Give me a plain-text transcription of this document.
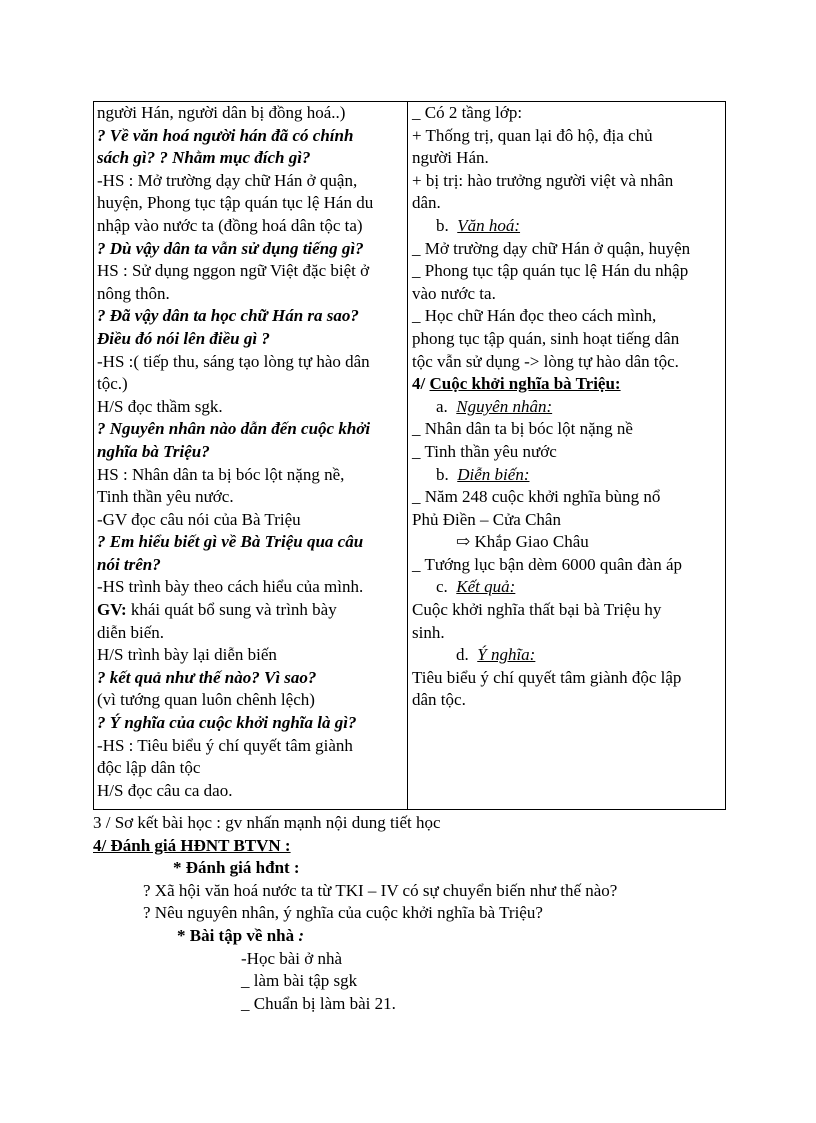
người Hán, người dân bị đồng hoá..)
? Về văn hoá người hán đã có chính
sách gì? ? Nhằm mục đích gì?
-HS : Mở trường dạy chữ Hán ở quận,
huyện, Phong tục tập quán tục lệ Hán du
nhập vào nước ta (đồng hoá dân tộc ta)
? Dù vậy dân ta vẫn sử dụng tiếng gì?
HS : Sử dụng nggon ngữ Việt đặc biệt ở
nông thôn.
? Đã vậy dân ta học chữ Hán ra sao?
Điều đó nói lên điều gì ?
-HS :( tiếp thu, sáng tạo lòng tự hào dân
tộc.)
H/S đọc thầm sgk.
? Nguyên nhân nào dẫn đến cuộc khởi
nghĩa bà Triệu?
HS : Nhân dân ta bị bóc lột nặng nề,
Tinh thần yêu nước.
-GV đọc câu nói của Bà Triệu
? Em hiểu biết gì về Bà Triệu qua câu
nói trên?
-HS trình bày theo cách hiểu của mình.
GV: khái quát bổ sung và trình bày
diễn biến.
H/S trình bày lại diễn biến
? kết quả như thế nào? Vì sao?
(vì tướng quan luôn chênh lệch)
? Ý nghĩa của cuộc khởi nghĩa là gì?
-HS : Tiêu biểu ý chí quyết tâm giành
độc lập dân tộc
H/S đọc câu ca dao.
_ Có 2 tầng lớp:
+ Thống trị, quan lại đô hộ, địa chủ
người Hán.
+ bị trị: hào trưởng người việt và nhân
dân.
b.  Văn hoá:
_ Mở trường dạy chữ Hán ở quận, huyện
_ Phong tục tập quán tục lệ Hán du nhập
vào nước ta.
_ Học chữ Hán đọc theo cách mình,
phong tục tập quán, sinh hoạt tiếng dân
tộc vẫn sử dụng -> lòng tự hào dân tộc.
4/ Cuộc khởi nghĩa bà Triệu:
a.  Nguyên nhân:
_ Nhân dân ta bị bóc lột nặng nề
_ Tinh thần yêu nước
b.  Diễn biến:
_ Năm 248 cuộc khởi nghĩa bùng nổ
Phủ Điền – Cửa Chân
⇨ Khắp Giao Châu
_ Tướng lục bận dèm 6000 quân đàn áp
c.  Kết quả:
Cuộc khởi nghĩa thất bại bà Triệu hy
sinh.
d.  Ý nghĩa:
Tiêu biểu ý chí quyết tâm giành độc lập
dân tộc.
3 / Sơ kết bài học : gv nhấn mạnh nội dung tiết học
4/ Đánh giá HĐNT BTVN :
* Đánh giá hđnt :
? Xã hội văn hoá nước ta từ TKI – IV có sự chuyển biến như thế nào?
? Nêu nguyên nhân, ý nghĩa của cuộc khởi nghĩa bà Triệu?
* Bài tập về nhà :
-Học bài ở nhà
_ làm bài tập sgk
_ Chuẩn bị làm bài 21.
